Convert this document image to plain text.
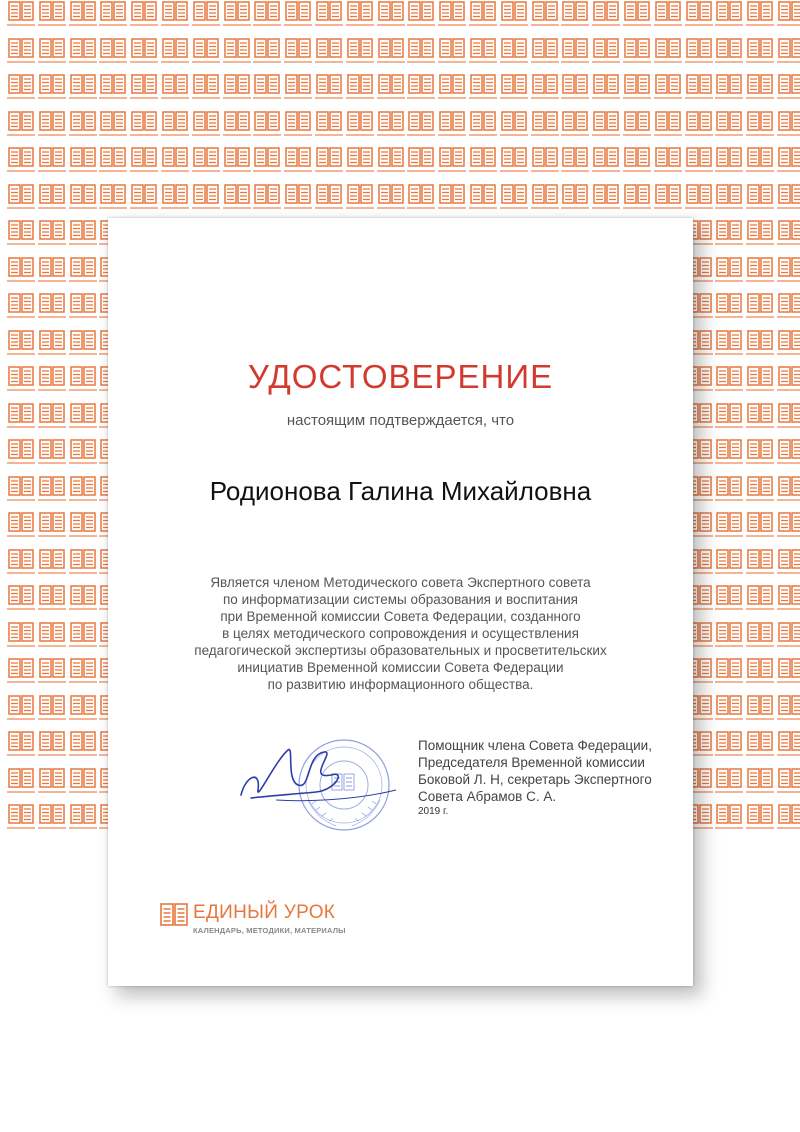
УДОСТОВЕРЕНИЕ
настоящим подтверждается, что
Родионова Галина Михайловна
Является членом Методического совета Экспертного совета
по информатизации системы образования и воспитания
при Временной комиссии Совета Федерации, созданного
в целях методического сопровождения и осуществления
педагогической экспертизы образовательных и просветительских
инициатив Временной комиссии Совета Федерации
по развитию информационного общества.
Помощник члена Совета Федерации,
Председателя Временной комиссии
Боковой Л. Н, секретарь Экспертного
Совета Абрамов С. А.
2019 г.
ЕДИНЫЙ УРОК
КАЛЕНДАРЬ, МЕТОДИКИ, МАТЕРИАЛЫ
